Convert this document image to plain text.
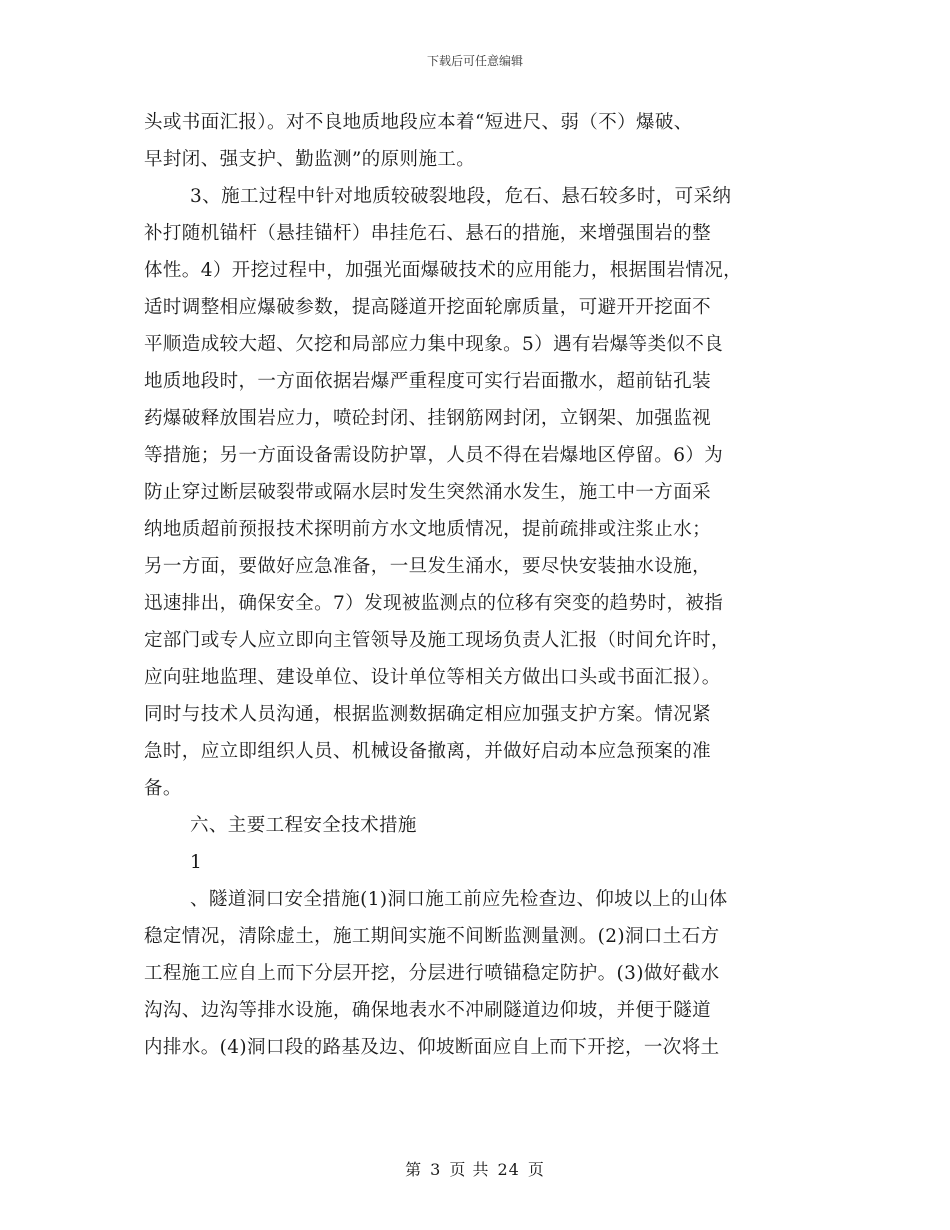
下载后可任意编辑
头或书面汇报）。对不良地质地段应本着“短进尺、弱（不）爆破、
早封闭、强支护、勤监测”的原则施工。
3、施工过程中针对地质较破裂地段，危石、悬石较多时，可采纳
补打随机锚杆（悬挂锚杆）串挂危石、悬石的措施，来增强围岩的整
体性。4）开挖过程中，加强光面爆破技术的应用能力，根据围岩情况，
适时调整相应爆破参数，提高隧道开挖面轮廓质量，可避开开挖面不
平顺造成较大超、欠挖和局部应力集中现象。5）遇有岩爆等类似不良
地质地段时，一方面依据岩爆严重程度可实行岩面撒水，超前钻孔装
药爆破释放围岩应力，喷砼封闭、挂钢筋网封闭，立钢架、加强监视
等措施；另一方面设备需设防护罩，人员不得在岩爆地区停留。6）为
防止穿过断层破裂带或隔水层时发生突然涌水发生，施工中一方面采
纳地质超前预报技术探明前方水文地质情况，提前疏排或注浆止水；
另一方面，要做好应急准备，一旦发生涌水，要尽快安装抽水设施，
迅速排出，确保安全。7）发现被监测点的位移有突变的趋势时，被指
定部门或专人应立即向主管领导及施工现场负责人汇报（时间允许时，
应向驻地监理、建设单位、设计单位等相关方做出口头或书面汇报）。
同时与技术人员沟通，根据监测数据确定相应加强支护方案。情况紧
急时，应立即组织人员、机械设备撤离，并做好启动本应急预案的准
备。
六、主要工程安全技术措施
1
、隧道洞口安全措施(1)洞口施工前应先检查边、仰坡以上的山体
稳定情况，清除虚土，施工期间实施不间断监测量测。(2)洞口土石方
工程施工应自上而下分层开挖，分层进行喷锚稳定防护。(3)做好截水
沟沟、边沟等排水设施，确保地表水不冲刷隧道边仰坡，并便于隧道
内排水。(4)洞口段的路基及边、仰坡断面应自上而下开挖，一次将土
第 3 页 共 24 页
